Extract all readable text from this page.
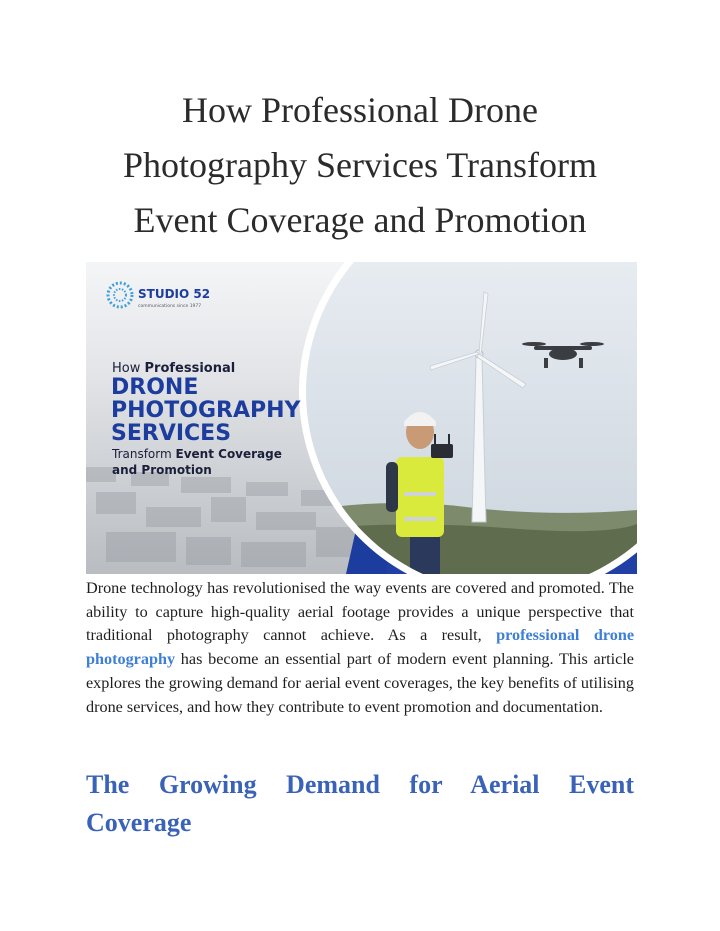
How Professional Drone
Photography Services Transform
Event Coverage and Promotion
STUDIO 52
communications since 1977
How Professional
DRONE
PHOTOGRAPHY
SERVICES
Transform Event Coverage
and Promotion

Drone technology has revolutionised the way events are covered and promoted. The ability to capture high-quality aerial footage provides a unique perspective that traditional photography cannot achieve. As a result, professional drone photography has become an essential part of modern event planning. This article explores the growing demand for aerial event coverages, the key benefits of utilising drone services, and how they contribute to event promotion and documentation.

The Growing Demand for Aerial Event
Coverage
